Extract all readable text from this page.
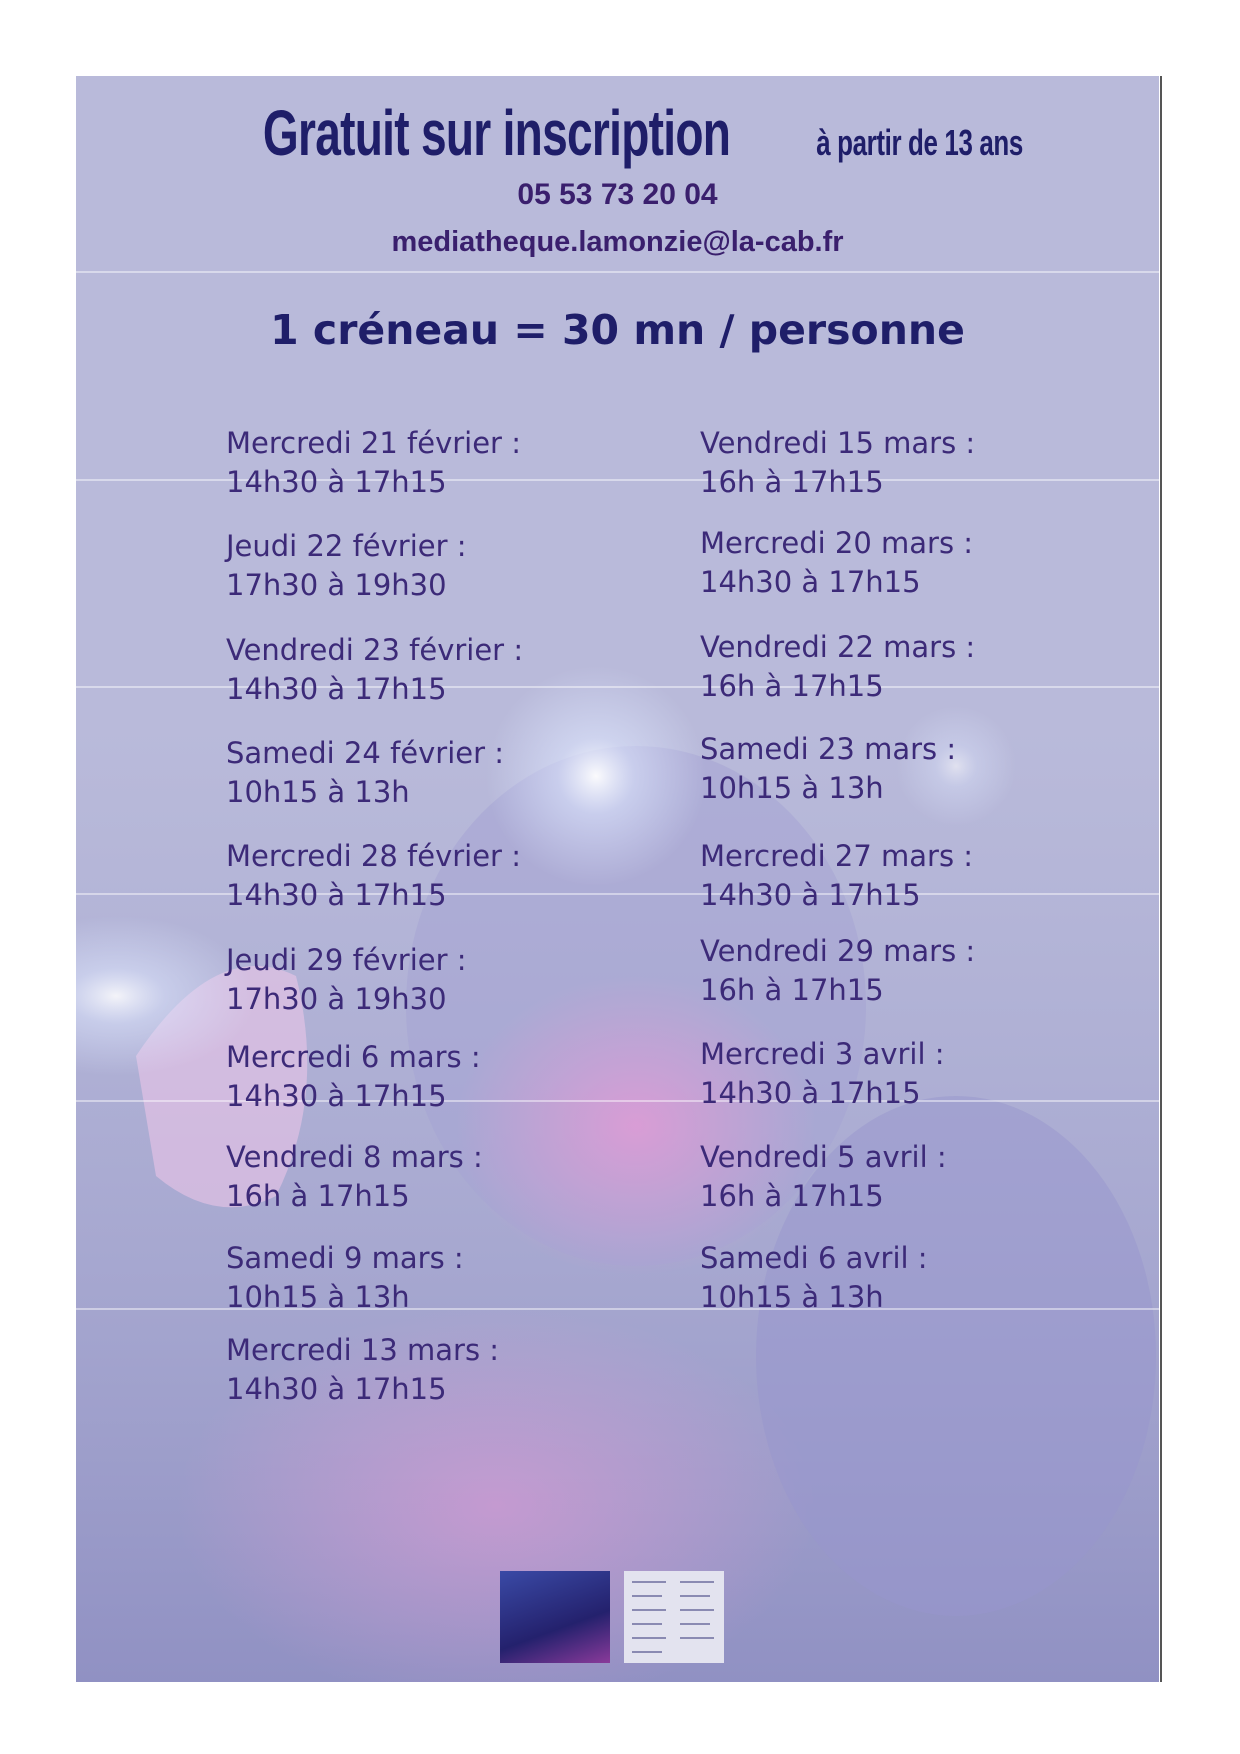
Gratuit sur inscription à partir de 13 ans
05 53 73 20 04
mediatheque.lamonzie@la-cab.fr
1 créneau = 30 mn / personne
Mercredi 21 février :
14h30 à 17h15
Jeudi 22 février :
17h30 à 19h30
Vendredi 23 février :
14h30 à 17h15
Samedi 24 février :
10h15 à 13h
Mercredi 28 février :
14h30 à 17h15
Jeudi 29 février :
17h30 à 19h30
Mercredi 6 mars :
14h30 à 17h15
Vendredi 8 mars :
16h à 17h15
Samedi 9 mars :
10h15 à 13h
Mercredi 13 mars :
14h30 à 17h15
Vendredi 15 mars :
16h à 17h15
Mercredi 20 mars :
14h30 à 17h15
Vendredi 22 mars :
16h à 17h15
Samedi 23 mars :
10h15 à 13h
Mercredi 27 mars :
14h30 à 17h15
Vendredi 29 mars :
16h à 17h15
Mercredi 3 avril :
14h30 à 17h15
Vendredi 5 avril :
16h à 17h15
Samedi 6 avril :
10h15 à 13h
